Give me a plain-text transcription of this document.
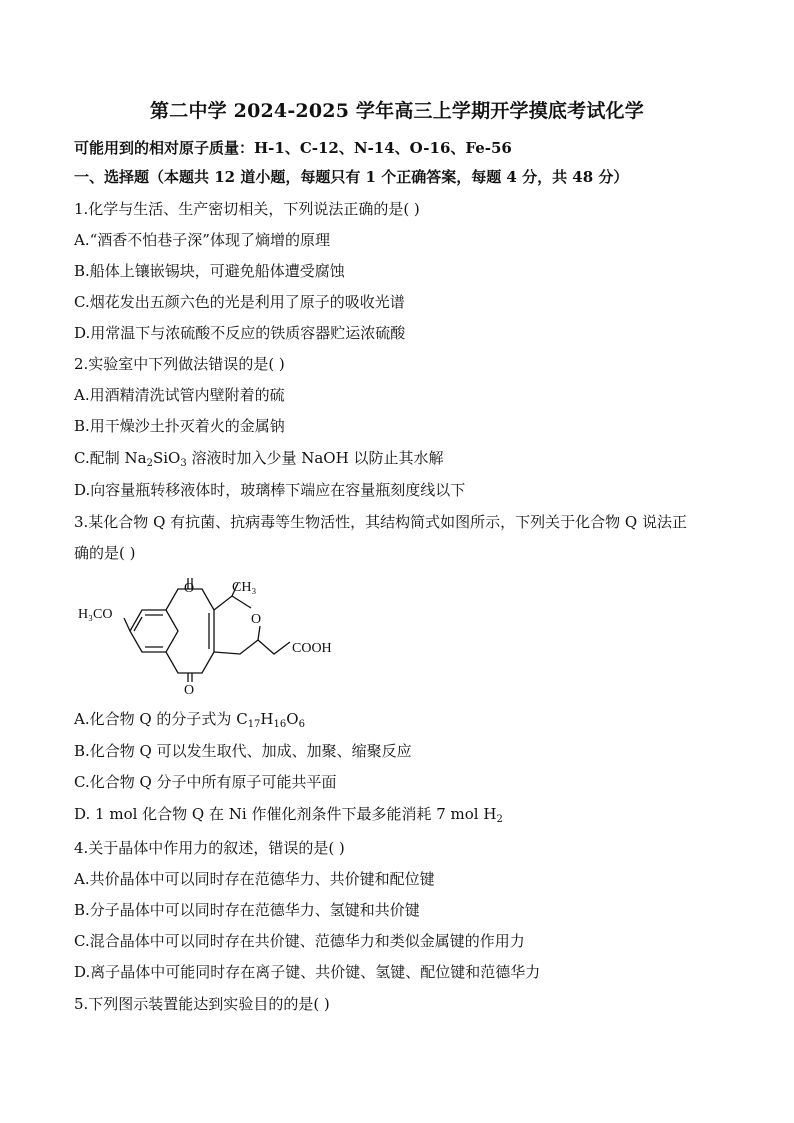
第二中学 2024-2025 学年高三上学期开学摸底考试化学
可能用到的相对原子质量：H-1、C-12、N-14、O-16、Fe-56
一、选择题（本题共 12 道小题，每题只有 1 个正确答案，每题 4 分，共 48 分）
1.化学与生活、生产密切相关，下列说法正确的是( )
A.“酒香不怕巷子深”体现了熵增的原理
B.船体上镶嵌锡块，可避免船体遭受腐蚀
C.烟花发出五颜六色的光是利用了原子的吸收光谱
D.用常温下与浓硫酸不反应的铁质容器贮运浓硫酸
2.实验室中下列做法错误的是( )
A.用酒精清洗试管内壁附着的硫
B.用干燥沙土扑灭着火的金属钠
C.配制 $Na_2SiO_3$ 溶液时加入少量 NaOH 以防止其水解
D.向容量瓶转移液体时，玻璃棒下端应在容量瓶刻度线以下
3.某化合物 Q 有抗菌、抗病毒等生物活性，其结构简式如图所示，下列关于化合物 Q 说法正
确的是( )
H₃CO
CH₃
O
O
O
COOH
A.化合物 Q 的分子式为 $C_{17}H_{16}O_6$
B.化合物 Q 可以发生取代、加成、加聚、缩聚反应
C.化合物 Q 分子中所有原子可能共平面
D. 1 mol 化合物 Q 在 Ni 作催化剂条件下最多能消耗 7 mol $H_2$
4.关于晶体中作用力的叙述，错误的是( )
A.共价晶体中可以同时存在范德华力、共价键和配位键
B.分子晶体中可以同时存在范德华力、氢键和共价键
C.混合晶体中可以同时存在共价键、范德华力和类似金属键的作用力
D.离子晶体中可能同时存在离子键、共价键、氢键、配位键和范德华力
5.下列图示装置能达到实验目的的是( )
